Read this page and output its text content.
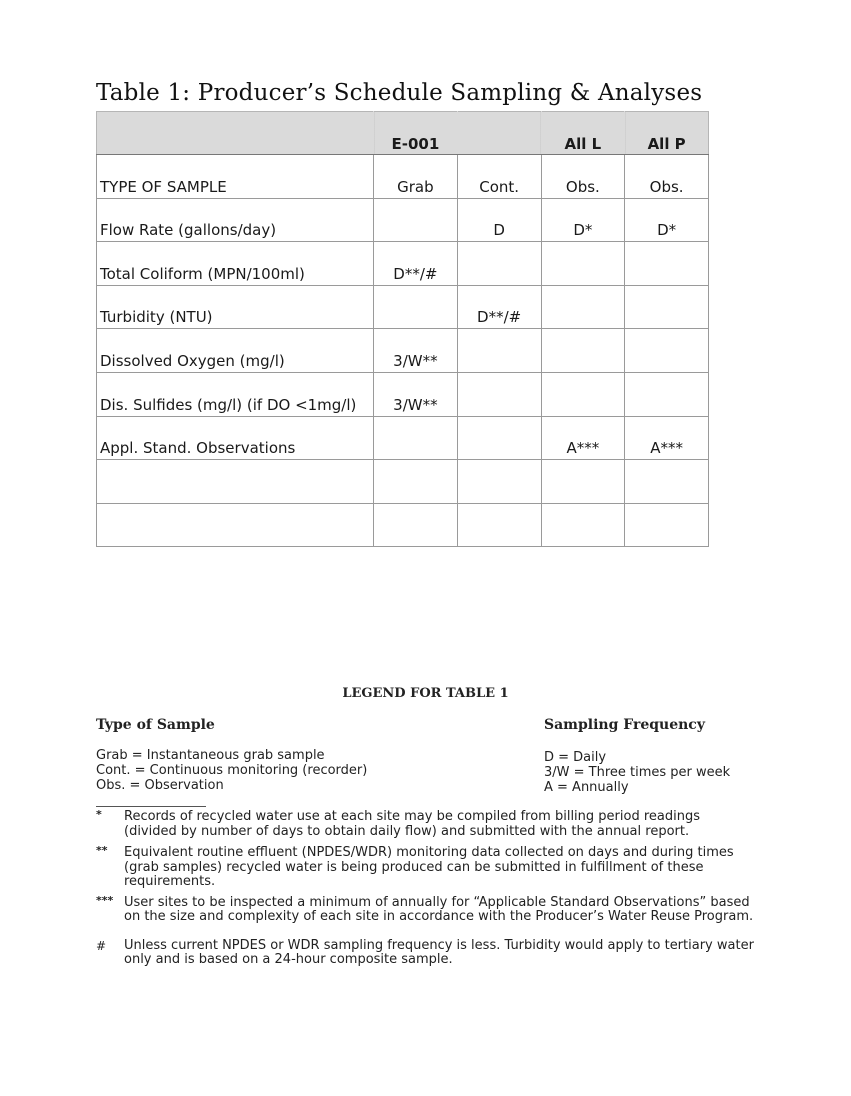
Table 1: Producer’s Schedule Sampling & Analyses
	E-001		All L	All P
TYPE OF SAMPLE	Grab	Cont.	Obs.	Obs.
Flow Rate (gallons/day)		D	D*	D*
Total Coliform (MPN/100ml)	D**/#			
Turbidity (NTU)		D**/#		
Dissolved Oxygen (mg/l)	3/W**			
Dis. Sulfides (mg/l) (if DO <1mg/l)	3/W**			
Appl. Stand. Observations			A***	A***

LEGEND FOR TABLE 1
Type of Sample
Grab = Instantaneous grab sample
Cont. = Continuous monitoring (recorder)
Obs. = Observation
Sampling Frequency
D = Daily
3/W = Three times per week
A = Annually
* Records of recycled water use at each site may be compiled from billing period readings (divided by number of days to obtain daily flow) and submitted with the annual report.
** Equivalent routine effluent (NPDES/WDR) monitoring data collected on days and during times (grab samples) recycled water is being produced can be submitted in fulfillment of these requirements.
*** User sites to be inspected a minimum of annually for “Applicable Standard Observations” based on the size and complexity of each site in accordance with the Producer’s Water Reuse Program.
# Unless current NPDES or WDR sampling frequency is less. Turbidity would apply to tertiary water only and is based on a 24-hour composite sample.
